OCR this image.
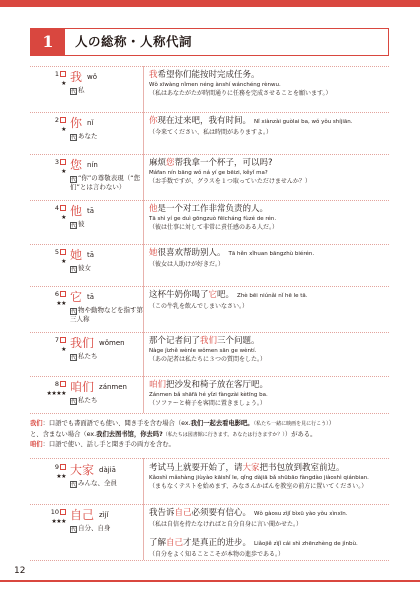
1	人の総称・人称代詞
1
★ 我wǒ
代 私
我希望你们能按时完成任务。
Wǒ xīwàng nǐmen néng ànshí wánchéng rènwu.
（私はあなたがたが時間通りに任務を完成させることを願います。）
2
★ 你nǐ
代 あなた
你现在过来吧，我有时间。 Nǐ xiànzài guòlai ba, wǒ yǒu shíjiān.
（今来てください、私は時間がありますよ。）
3
★ 您nín
代 “你”の尊敬表現（“您们”とは言わない）
麻烦您帮我拿一个杯子，可以吗?
Máfan nín bāng wǒ ná yí ge bēizi, kěyǐ ma?
（お手数ですが、グラスを１つ取っていただけませんか？）
4
★ 他tā
代 彼
他是一个对工作非常负责的人。
Tā shì yí ge duì gōngzuò fēicháng fùzé de rén.
（彼は仕事に対して非常に責任感のある人だ。）
5
★ 她tā
代 彼女
她很喜欢帮助别人。 Tā hěn xǐhuan bāngzhù biérén.
（彼女は人助けが好きだ。）
6
★★ 它tā
代 物や動物などを指す第三人称
这杯牛奶你喝了它吧。 Zhè bēi niúnǎi nǐ hē le tā.
（この牛乳を飲んでしまいなさい。）
7
★ 我们 wǒmen
代 私たち
那个记者问了我们三个问题。
Nàge jìzhě wènle wǒmen sān ge wèntí.
（あの記者は私たちに３つの質問をした。）
8
★★★★ 咱们 zánmen
代 私たち
咱们把沙发和椅子放在客厅吧。
Zánmen bǎ shāfā hé yǐzi fàngzài kètīng ba.
（ソファーと椅子を客間に置きましょう。）
9
★★ 大家 dàjiā
代 みんな、全員
考试马上就要开始了，请大家把书包放到教室前边。
Kǎoshì mǎshàng jiùyào kāishǐ le, qǐng dàjiā bǎ shūbāo fàngdào jiàoshì qiánbian.
（まもなくテストを始めます、みなさんかばんを教室の前方に置いてください。）
10
★★★ 自己 zìjǐ
代 自分、自身
我告诉自己必须要有信心。 Wǒ gàosu zìjǐ bìxū yào yǒu xìnxīn.
（私は自信を持たなければと自分自身に言い聞かせた。）
了解自己才是真正的进步。 Liǎojiě zìjǐ cái shì zhēnzhèng de jìnbù.
（自分をよく知ることこそが本物の進歩である。）
我们：口語でも書面語でも使い、聞き手を含む場合（ex.我们一起去看电影吧。（私たち一緒に映画を見に行こう））
と、含まない場合（ex.我们去图书馆，你去吗?（私たちは図書館に行きます。あなたは行きますか？））がある。
咱们：口語で使い、話し手と聞き手の両方を含む。
12
